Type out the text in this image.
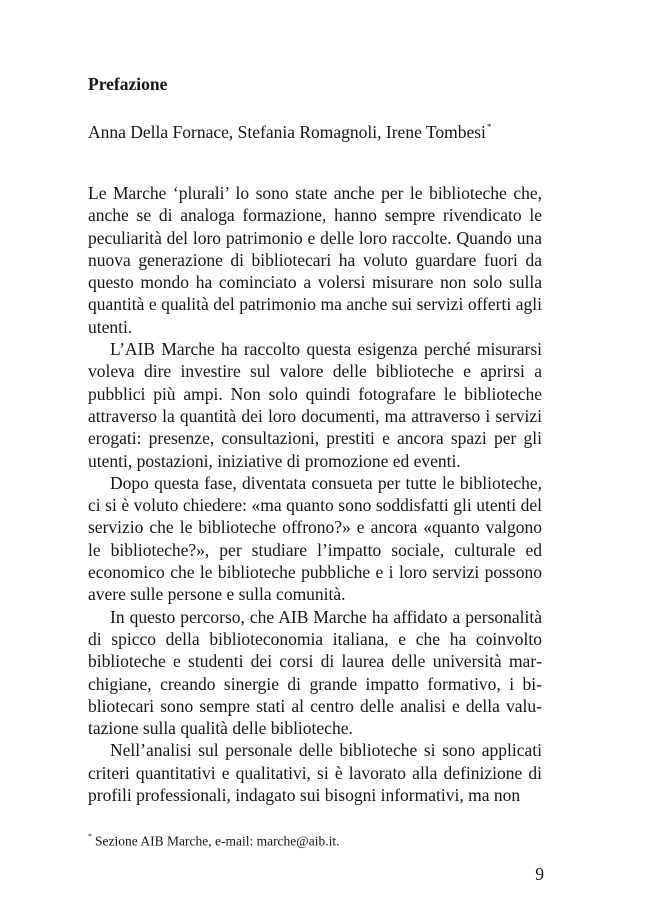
Prefazione

Anna Della Fornace, Stefania Romagnoli, Irene Tombesi*

Le Marche ‘plurali’ lo sono state anche per le biblioteche che, anche se di analoga formazione, hanno sempre rivendicato le peculiarità del loro patrimonio e delle loro raccolte. Quando una nuova generazione di bibliotecari ha voluto guardare fuori da questo mondo ha cominciato a volersi misurare non solo sulla quantità e qualità del patrimonio ma anche sui servizi offerti agli utenti.

L’AIB Marche ha raccolto questa esigenza perché misurarsi voleva dire investire sul valore delle biblioteche e aprirsi a pubblici più ampi. Non solo quindi fotografare le biblioteche attraverso la quantità dei loro documenti, ma attraverso i servizi erogati: presenze, consultazioni, prestiti e ancora spazi per gli utenti, postazioni, iniziative di promozione ed eventi.

Dopo questa fase, diventata consueta per tutte le biblioteche, ci si è voluto chiedere: «ma quanto sono soddisfatti gli utenti del servizio che le biblioteche offrono?» e ancora «quanto valgono le biblioteche?», per studiare l’impatto sociale, culturale ed economico che le biblioteche pubbliche e i loro servizi possono avere sulle persone e sulla comunità.

In questo percorso, che AIB Marche ha affidato a personalità di spicco della biblioteconomia italiana, e che ha coinvolto biblioteche e studenti dei corsi di laurea delle università marchigiane, creando sinergie di grande impatto formativo, i bibliotecari sono sempre stati al centro delle analisi e della valutazione sulla qualità delle biblioteche.

Nell’analisi sul personale delle biblioteche si sono applicati criteri quantitativi e qualitativi, si è lavorato alla definizione di profili professionali, indagato sui bisogni informativi, ma non

* Sezione AIB Marche, e-mail: marche@aib.it.

9
